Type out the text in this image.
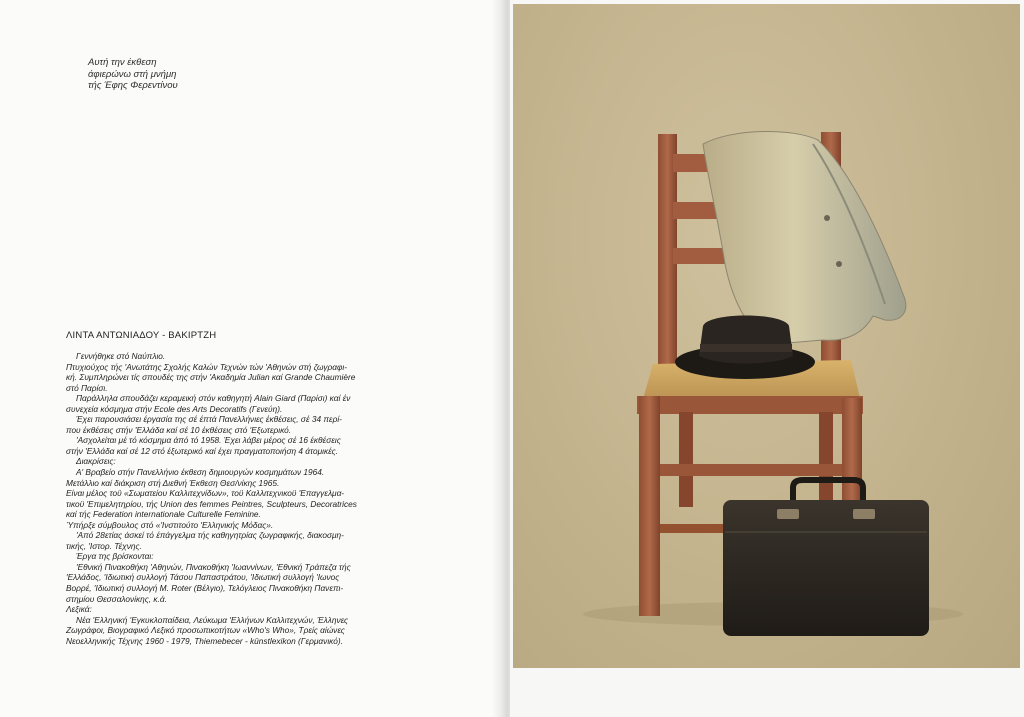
Αυτή την έκθεση
άφιερώνω στή μνήμη
τής Έφης Φερεντίνου
ΛΙΝΤΑ ΑΝΤΩΝΙΑΔΟΥ - ΒΑΚΙΡΤΖΗ
Γεννήθηκε στό Ναύπλιο.
Πτυχιούχος τής 'Ανωτάτης Σχολής Καλών Τεχνών τών 'Αθηνών στή ζωγραφι-
κή. Συμπληρώνει τίς σπουδές της στήν 'Ακαδημία Julian καί Grande Chaumière
στό Παρίσι.
Παράλληλα σπουδάζει κεραμεική στόν καθηγητή Alain Giard (Παρίσι) καί έν
συνεχεία κόσμημα στήν Ecole des Arts Decoratifs (Γενεύη).
Έχει παρουσιάσει έργασία της σέ έπτά Πανελλήνιες έκθέσεις, σέ 34 περί-
που έκθέσεις στήν 'Ελλάδα καί σέ 10 έκθέσεις στό 'Εξωτερικό.
'Ασχολείται μέ τό κόσμημα άπό τό 1958. Έχει λάβει μέρος σέ 16 έκθέσεις
στήν 'Ελλάδα καί σέ 12 στό έξωτερικό καί έχει πραγματοποιήση 4 άτομικές.
Διακρίσεις:
Α' Βραβείο στήν Πανελλήνιο έκθεση δημιουργών κοσμημάτων 1964.
Μετάλλιο καί διάκριση στή Διεθνή Έκθεση Θεσ/νίκης 1965.
Είναι μέλος τοϋ «Σωματείου Καλλιτεχνίδων», τοϋ Καλλιτεχνικοϋ 'Επαγγελμα-
τικοϋ 'Επιμελητηρίου, τής Union des femmes Peintres, Sculpteurs, Decoratrices
καί τής Federation internationale Culturelle Feminine.
Ύπήρξε σύμβουλος στό «'Ινστιτούτο 'Ελληνικής Μόδας».
'Από 28ετίας άσκεί τό έπάγγελμα τής καθηγητρίας ζωγραφικής, διακοσμη-
τικής, 'Ιστορ. Τέχνης.
Έργα της βρίσκονται:
'Εθνική Πινακοθήκη 'Αθηνών, Πινακοθήκη 'Ιωαννίνων, 'Εθνική Τράπεζα τής
'Ελλάδος, 'Ιδιωτική συλλογή Τάσου Παπαστράτου, 'Ιδιωτική συλλογή 'Ιωνος
Βορρέ, 'Ιδιωτική συλλογή Μ. Roter (Βέλγιο), Τελόγλειος Πινακοθήκη Πανεπι-
στημίου Θεσσαλονίκης, κ.ά.
Λεξικά:
Νέα 'Ελληνική 'Εγκυκλοπαίδεια, Λεύκωμα 'Ελλήνων Καλλιτεχνών, Έλληνες
Ζωγράφοι, Βιογραφικό Λεξικό προσωπικοτήτων «Who's Who», Τρείς αίώνες
Νεοελληνικής Τέχνης 1960 - 1979, Thiemebecer - künstlexikon (Γερμανικό).
